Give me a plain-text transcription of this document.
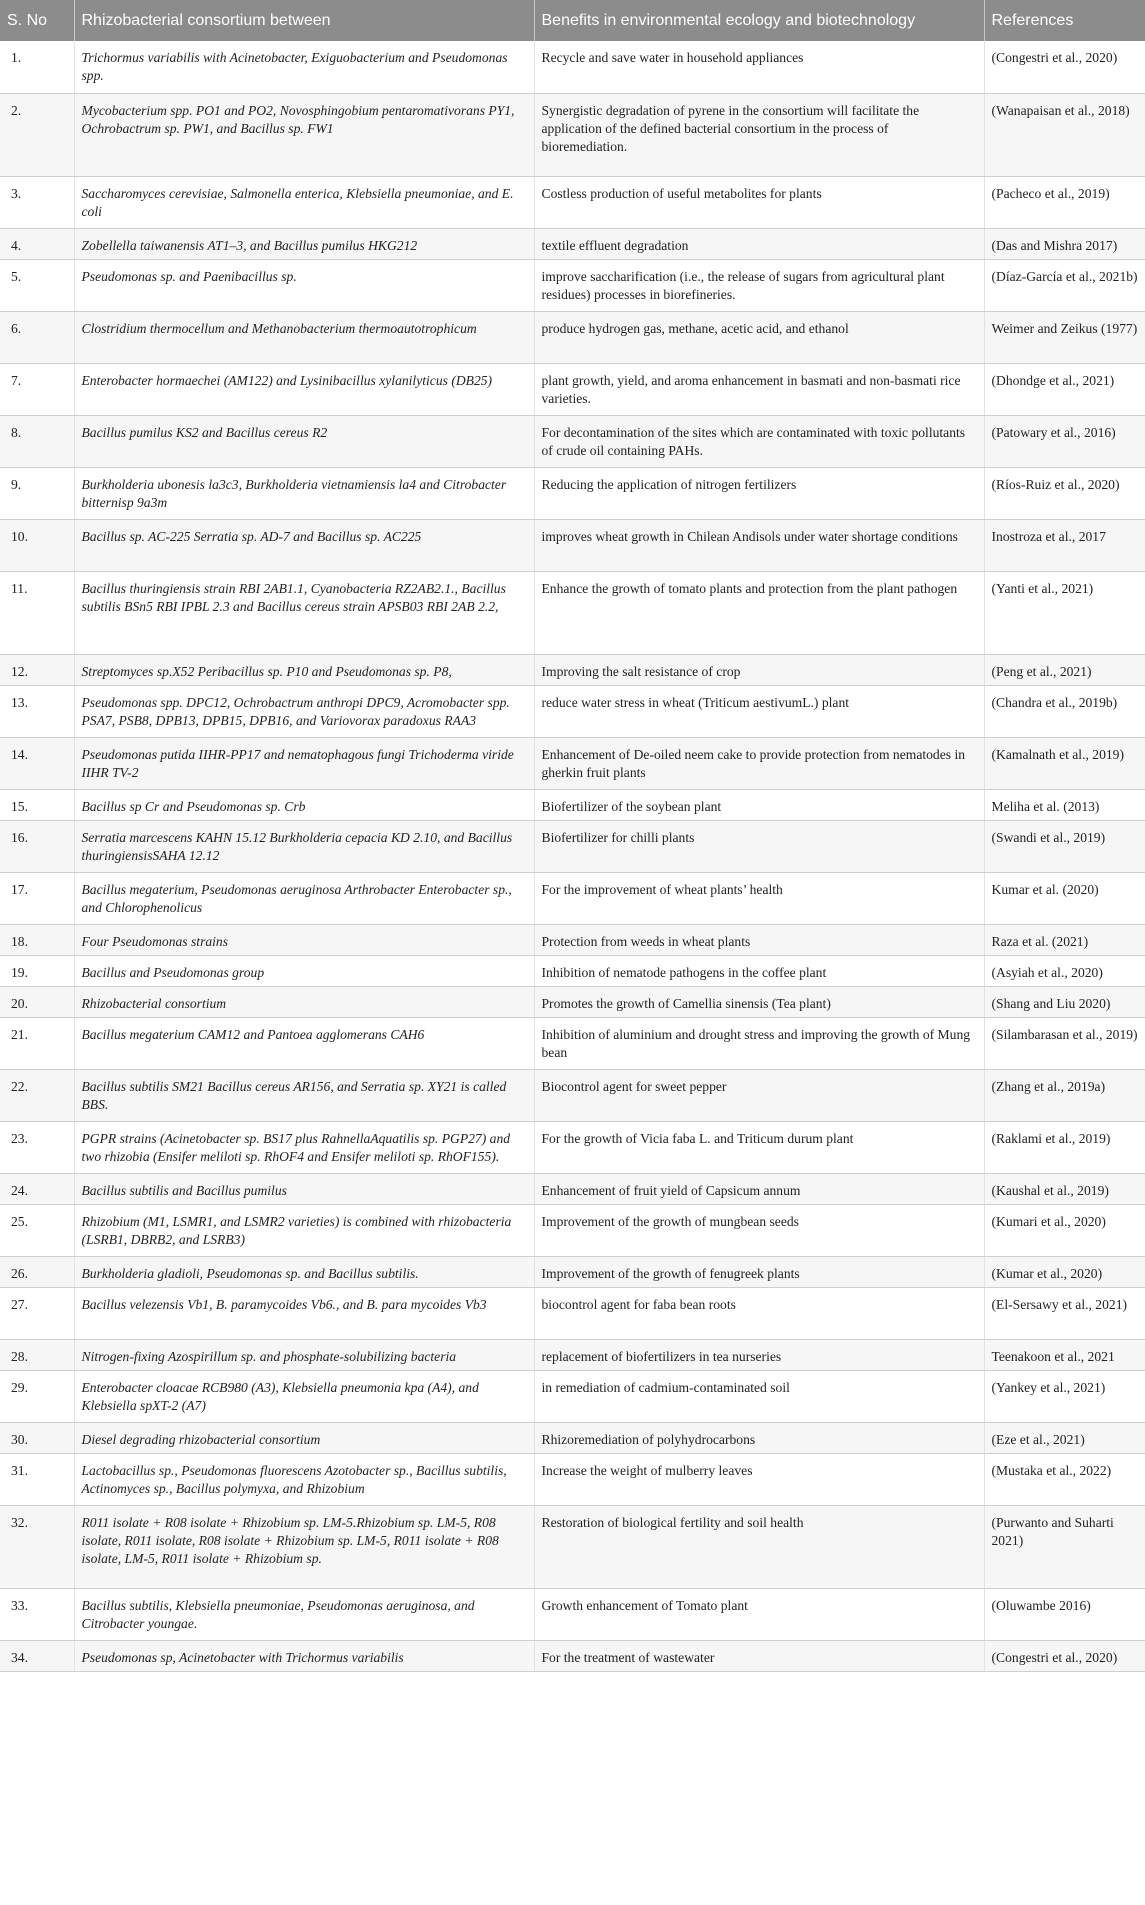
S. No	Rhizobacterial consortium between	Benefits in environmental ecology and biotechnology	References
1.	Trichormus variabilis with Acinetobacter, Exiguobacterium and Pseudomonas spp.	Recycle and save water in household appliances	(Congestri et al., 2020)
2.	Mycobacterium spp. PO1 and PO2, Novosphingobium pentaromativorans PY1, Ochrobactrum sp. PW1, and Bacillus sp. FW1	Synergistic degradation of pyrene in the consortium will facilitate the application of the defined bacterial consortium in the process of bioremediation.	(Wanapaisan et al., 2018)
3.	Saccharomyces cerevisiae, Salmonella enterica, Klebsiella pneumoniae, and E. coli	Costless production of useful metabolites for plants	(Pacheco et al., 2019)
4.	Zobellella taiwanensis AT1–3, and Bacillus pumilus HKG212	textile effluent degradation	(Das and Mishra 2017)
5.	Pseudomonas sp. and Paenibacillus sp.	improve saccharification (i.e., the release of sugars from agricultural plant residues) processes in biorefineries.	(Díaz-García et al., 2021b)
6.	Clostridium thermocellum and Methanobacterium thermoautotrophicum	produce hydrogen gas, methane, acetic acid, and ethanol	Weimer and Zeikus (1977)
7.	Enterobacter hormaechei (AM122) and Lysinibacillus xylanilyticus (DB25)	plant growth, yield, and aroma enhancement in basmati and non-basmati rice varieties.	(Dhondge et al., 2021)
8.	Bacillus pumilus KS2 and Bacillus cereus R2	For decontamination of the sites which are contaminated with toxic pollutants of crude oil containing PAHs.	(Patowary et al., 2016)
9.	Burkholderia ubonesis la3c3, Burkholderia vietnamiensis la4 and Citrobacter bitternisp 9a3m	Reducing the application of nitrogen fertilizers	(Ríos-Ruiz et al., 2020)
10.	Bacillus sp. AC-225 Serratia sp. AD-7 and Bacillus sp. AC225	improves wheat growth in Chilean Andisols under water shortage conditions	Inostroza et al., 2017
11.	Bacillus thuringiensis strain RBI 2AB1.1, Cyanobacteria RZ2AB2.1., Bacillus subtilis BSn5 RBI IPBL 2.3 and Bacillus cereus strain APSB03 RBI 2AB 2.2,	Enhance the growth of tomato plants and protection from the plant pathogen	(Yanti et al., 2021)
12.	Streptomyces sp.X52 Peribacillus sp. P10 and Pseudomonas sp. P8,	Improving the salt resistance of crop	(Peng et al., 2021)
13.	Pseudomonas spp. DPC12, Ochrobactrum anthropi DPC9, Acromobacter spp. PSA7, PSB8, DPB13, DPB15, DPB16, and Variovorax paradoxus RAA3	reduce water stress in wheat (Triticum aestivumL.) plant	(Chandra et al., 2019b)
14.	Pseudomonas putida IIHR-PP17 and nematophagous fungi Trichoderma viride IIHR TV-2	Enhancement of De-oiled neem cake to provide protection from nematodes in gherkin fruit plants	(Kamalnath et al., 2019)
15.	Bacillus sp Cr and Pseudomonas sp. Crb	Biofertilizer of the soybean plant	Meliha et al. (2013)
16.	Serratia marcescens KAHN 15.12 Burkholderia cepacia KD 2.10, and Bacillus thuringiensisSAHA 12.12	Biofertilizer for chilli plants	(Swandi et al., 2019)
17.	Bacillus megaterium, Pseudomonas aeruginosa Arthrobacter Enterobacter sp., and Chlorophenolicus	For the improvement of wheat plants’ health	Kumar et al. (2020)
18.	Four Pseudomonas strains	Protection from weeds in wheat plants	Raza et al. (2021)
19.	Bacillus and Pseudomonas group	Inhibition of nematode pathogens in the coffee plant	(Asyiah et al., 2020)
20.	Rhizobacterial consortium	Promotes the growth of Camellia sinensis (Tea plant)	(Shang and Liu 2020)
21.	Bacillus megaterium CAM12 and Pantoea agglomerans CAH6	Inhibition of aluminium and drought stress and improving the growth of Mung bean	(Silambarasan et al., 2019)
22.	Bacillus subtilis SM21 Bacillus cereus AR156, and Serratia sp. XY21 is called BBS.	Biocontrol agent for sweet pepper	(Zhang et al., 2019a)
23.	PGPR strains (Acinetobacter sp. BS17 plus RahnellaAquatilis sp. PGP27) and two rhizobia (Ensifer meliloti sp. RhOF4 and Ensifer meliloti sp. RhOF155).	For the growth of Vicia faba L. and Triticum durum plant	(Raklami et al., 2019)
24.	Bacillus subtilis and Bacillus pumilus	Enhancement of fruit yield of Capsicum annum	(Kaushal et al., 2019)
25.	Rhizobium (M1, LSMR1, and LSMR2 varieties) is combined with rhizobacteria (LSRB1, DBRB2, and LSRB3)	Improvement of the growth of mungbean seeds	(Kumari et al., 2020)
26.	Burkholderia gladioli, Pseudomonas sp. and Bacillus subtilis.	Improvement of the growth of fenugreek plants	(Kumar et al., 2020)
27.	Bacillus velezensis Vb1, B. paramycoides Vb6., and B. para mycoides Vb3	biocontrol agent for faba bean roots	(El-Sersawy et al., 2021)
28.	Nitrogen-fixing Azospirillum sp. and phosphate-solubilizing bacteria	replacement of biofertilizers in tea nurseries	Teenakoon et al., 2021
29.	Enterobacter cloacae RCB980 (A3), Klebsiella pneumonia kpa (A4), and Klebsiella spXT-2 (A7)	in remediation of cadmium-contaminated soil	(Yankey et al., 2021)
30.	Diesel degrading rhizobacterial consortium	Rhizoremediation of polyhydrocarbons	(Eze et al., 2021)
31.	Lactobacillus sp., Pseudomonas fluorescens Azotobacter sp., Bacillus subtilis, Actinomyces sp., Bacillus polymyxa, and Rhizobium	Increase the weight of mulberry leaves	(Mustaka et al., 2022)
32.	R011 isolate + R08 isolate + Rhizobium sp. LM-5.Rhizobium sp. LM-5, R08 isolate, R011 isolate, R08 isolate + Rhizobium sp. LM-5, R011 isolate + R08 isolate, LM-5, R011 isolate + Rhizobium sp.	Restoration of biological fertility and soil health	(Purwanto and Suharti 2021)
33.	Bacillus subtilis, Klebsiella pneumoniae, Pseudomonas aeruginosa, and Citrobacter youngae.	Growth enhancement of Tomato plant	(Oluwambe 2016)
34.	Pseudomonas sp, Acinetobacter with Trichormus variabilis	For the treatment of wastewater	(Congestri et al., 2020)
